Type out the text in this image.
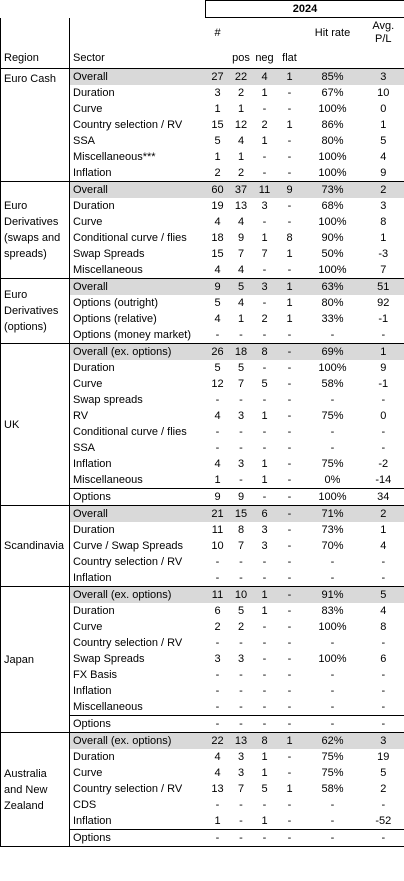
		2024					
Region	Sector	#	pos	neg	flat	Hit rate	Avg. P/L
Euro Cash	Overall	27	22	4	1	85%	3
	Duration	3	2	1	-	67%	10
	Curve	1	1	-	-	100%	0
	Country selection / RV	15	12	2	1	86%	1
	SSA	5	4	1	-	80%	5
	Miscellaneous***	1	1	-	-	100%	4
	Inflation	2	2	-	-	100%	9
Euro Derivatives (swaps and spreads)	Overall	60	37	11	9	73%	2
	Duration	19	13	3	-	68%	3
	Curve	4	4	-	-	100%	8
	Conditional curve / flies	18	9	1	8	90%	1
	Swap Spreads	15	7	7	1	50%	-3
	Miscellaneous	4	4	-	-	100%	7
Euro Derivatives (options)	Overall	9	5	3	1	63%	51
	Options (outright)	5	4	-	1	80%	92
	Options (relative)	4	1	2	1	33%	-1
	Options (money market)	-	-	-	-	-	-
UK	Overall (ex. options)	26	18	8	-	69%	1
	Duration	5	5	-	-	100%	9
	Curve	12	7	5	-	58%	-1
	Swap spreads	-	-	-	-	-	-
	RV	4	3	1	-	75%	0
	Conditional curve / flies	-	-	-	-	-	-
	SSA	-	-	-	-	-	-
	Inflation	4	3	1	-	75%	-2
	Miscellaneous	1	-	1	-	0%	-14
	Options	9	9	-	-	100%	34
Scandinavia	Overall	21	15	6	-	71%	2
	Duration	11	8	3	-	73%	1
	Curve / Swap Spreads	10	7	3	-	70%	4
	Country selection / RV	-	-	-	-	-	-
	Inflation	-	-	-	-	-	-
Japan	Overall (ex. options)	11	10	1	-	91%	5
	Duration	6	5	1	-	83%	4
	Curve	2	2	-	-	100%	8
	Country selection / RV	-	-	-	-	-	-
	Swap Spreads	3	3	-	-	100%	6
	FX Basis	-	-	-	-	-	-
	Inflation	-	-	-	-	-	-
	Miscellaneous	-	-	-	-	-	-
	Options	-	-	-	-	-	-
Australia and New Zealand	Overall (ex. options)	22	13	8	1	62%	3
	Duration	4	3	1	-	75%	19
	Curve	4	3	1	-	75%	5
	Country selection / RV	13	7	5	1	58%	2
	CDS	-	-	-	-	-	-
	Inflation	1	-	1	-	-	-52
	Options	-	-	-	-	-	-
